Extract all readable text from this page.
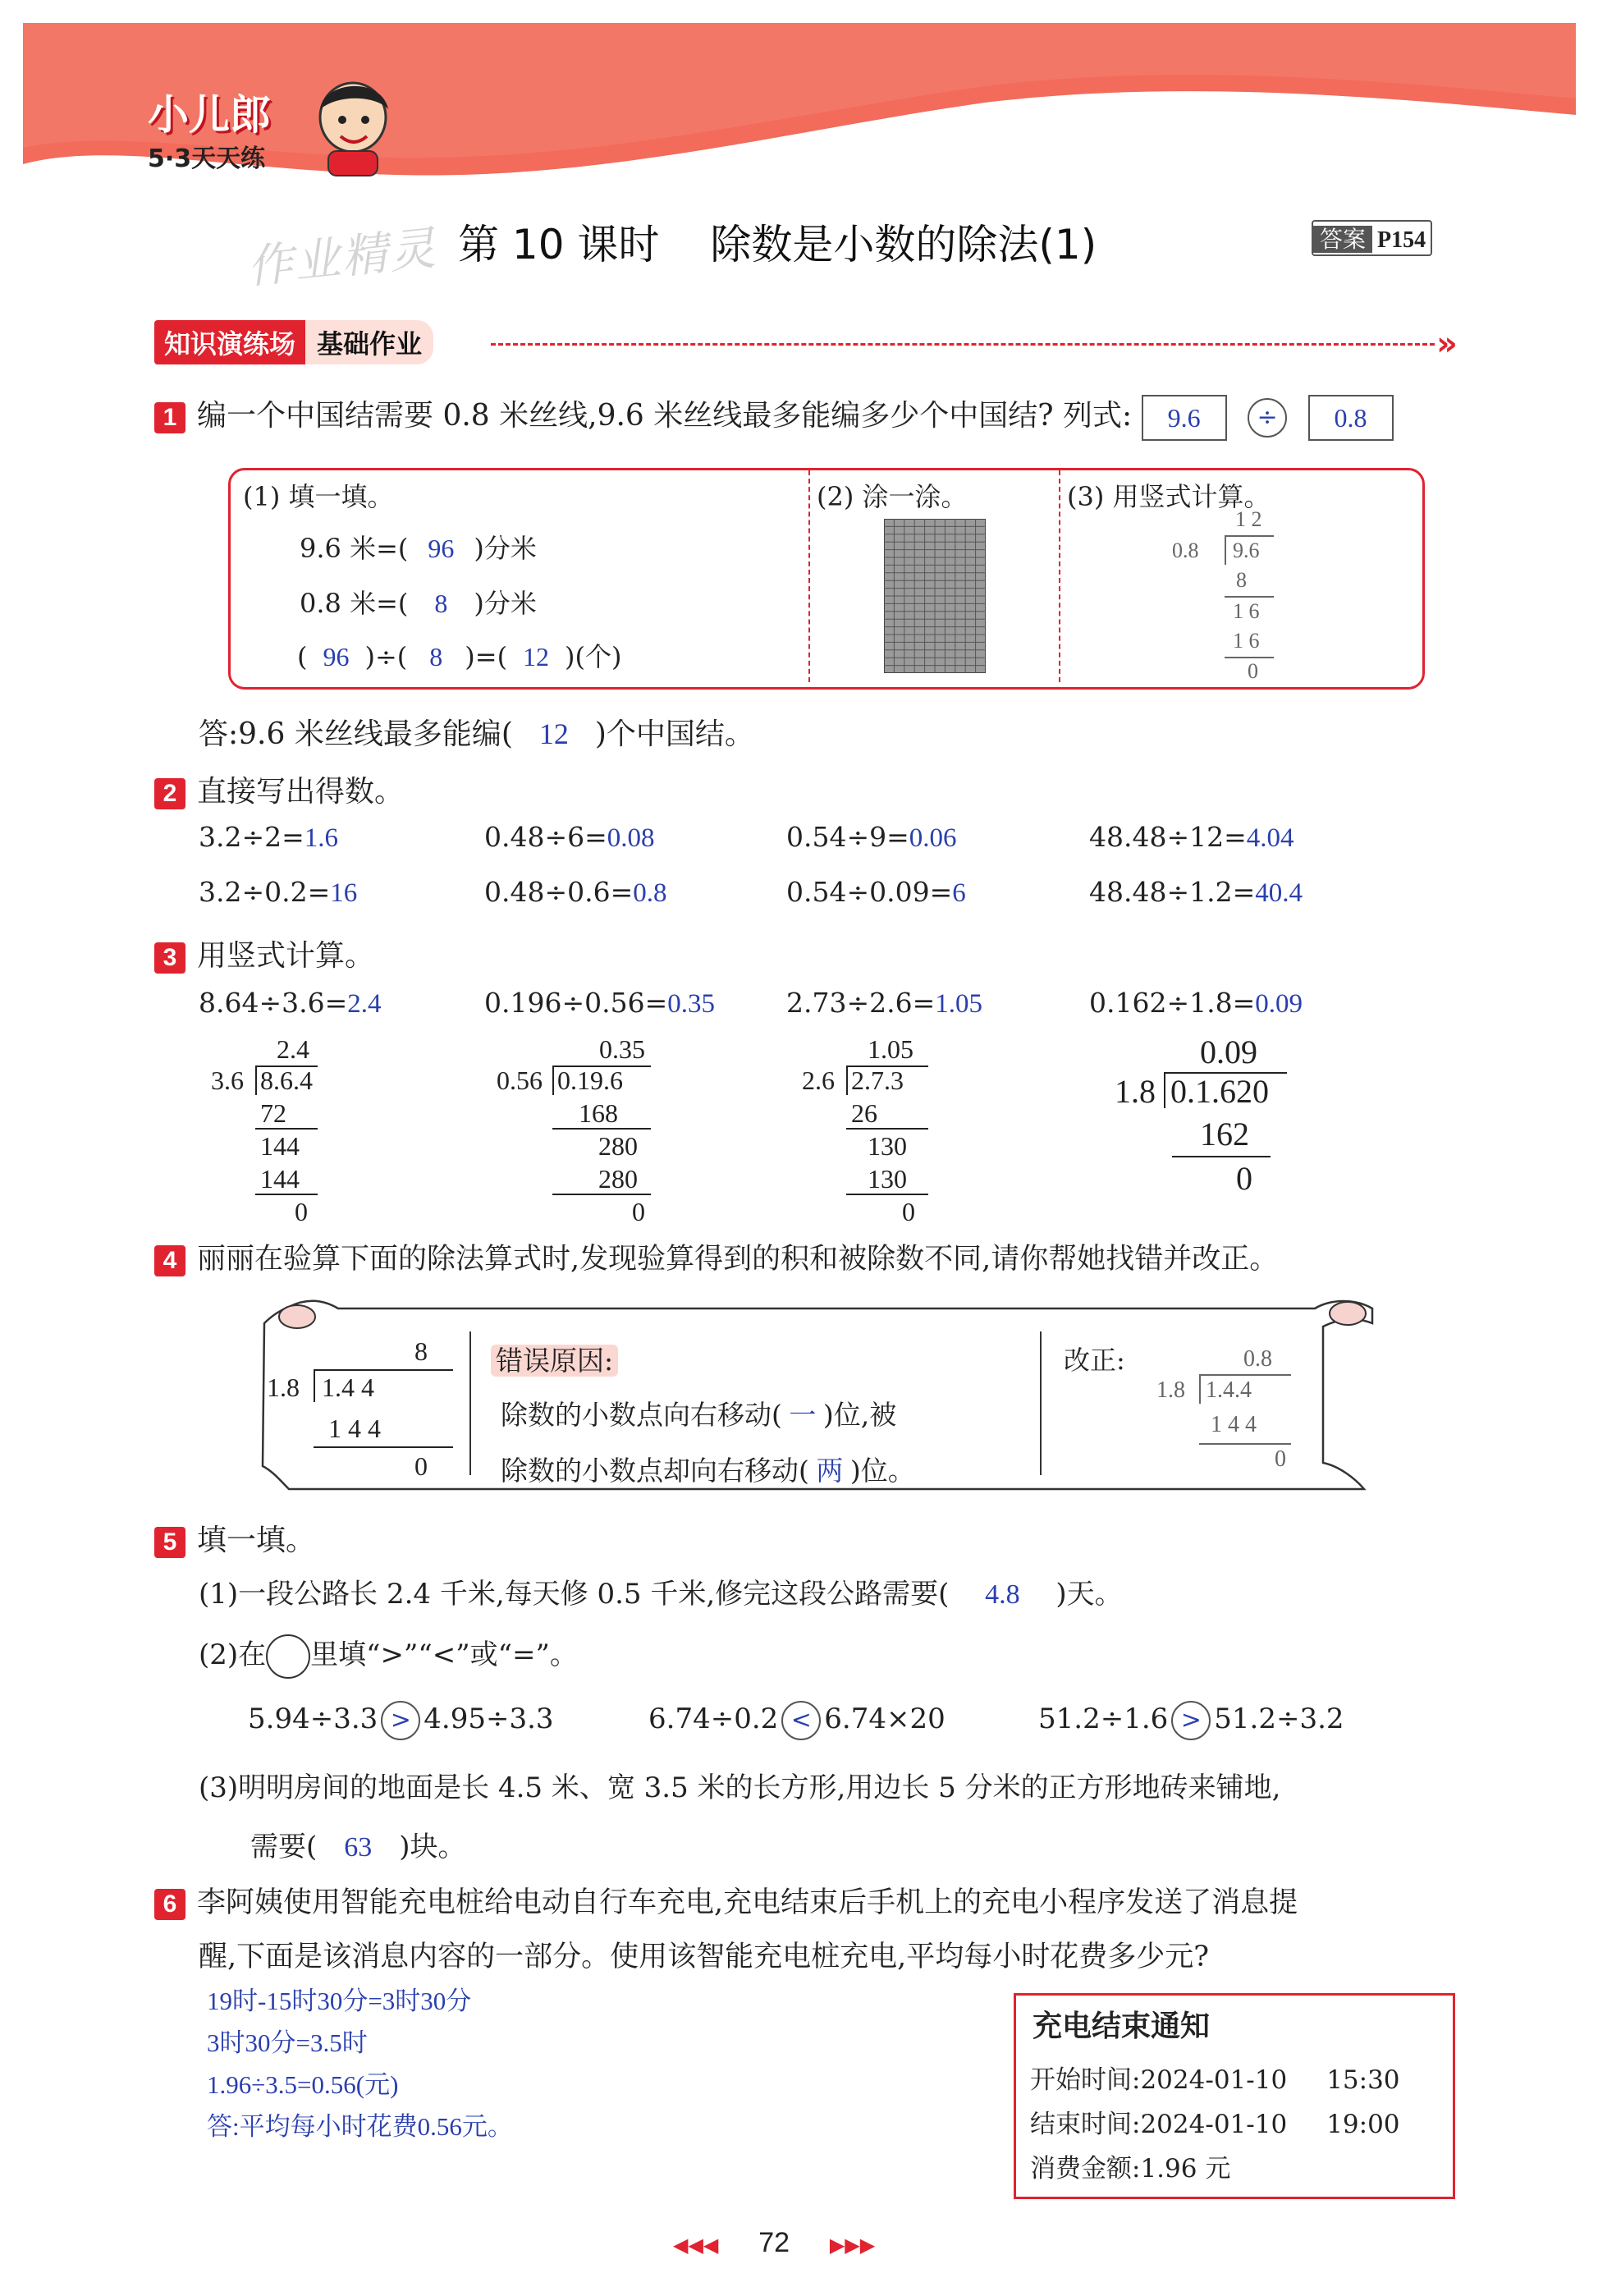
小儿郎
5·3天天练
作业精灵 第 10 课时 除数是小数的除法(1)	答案 P154
知识演练场 基础作业	»
1 编一个中国结需要 0.8 米丝线,9.6 米丝线最多能编多少个中国结? 列式: 9.6 ÷ 0.8
(1) 填一填。
9.6 米=( 96 )分米
0.8 米=( 8 )分米
( 96 )÷( 8 )=( 12 )(个)
(2) 涂一涂。	(3) 用竖式计算。
1 2
0.8 9.6
8
1 6
1 6
0
答:9.6 米丝线最多能编( 12 )个中国结。
2 直接写出得数。
3.2÷2=1.6	0.48÷6=0.08	0.54÷9=0.06	48.48÷12=4.04
3.2÷0.2=16	0.48÷0.6=0.8	0.54÷0.09=6	48.48÷1.2=40.4
3 用竖式计算。
8.64÷3.6=2.4	0.196÷0.56=0.35	2.73÷2.6=1.05	0.162÷1.8=0.09
2.4
3.6 8.6.4
72
144
144
0
0.35
0.56 0.19.6
168
280
280
0
1.05
2.6 2.7.3
26
130
130
0
0.09
1.8 0.1.620
162
0
4 丽丽在验算下面的除法算式时,发现验算得到的积和被除数不同,请你帮她找错并改正。
8
1.8 1.4 4
1 4 4
0
错误原因:
除数的小数点向右移动( 一 )位,被
除数的小数点却向右移动( 两 )位。
改正:	0.8
1.8 1.4.4
1 4 4
0
5 填一填。
(1)一段公路长 2.4 千米,每天修 0.5 千米,修完这段公路需要( 4.8 )天。
(2)在 里填“>”“<”或“=”。
5.94÷3.3 > 4.95÷3.3	6.74÷0.2 < 6.74×20	51.2÷1.6 > 51.2÷3.2
(3)明明房间的地面是长 4.5 米、宽 3.5 米的长方形,用边长 5 分米的正方形地砖来铺地,
需要( 63 )块。
6 李阿姨使用智能充电桩给电动自行车充电,充电结束后手机上的充电小程序发送了消息提
醒,下面是该消息内容的一部分。使用该智能充电桩充电,平均每小时花费多少元?
19时-15时30分=3时30分
3时30分=3.5时
1.96÷3.5=0.56(元)
答:平均每小时花费0.56元。
充电结束通知
开始时间:2024-01-10 15:30
结束时间:2024-01-10 19:00
消费金额:1.96 元
◀◀◀ 72 ▶▶▶
